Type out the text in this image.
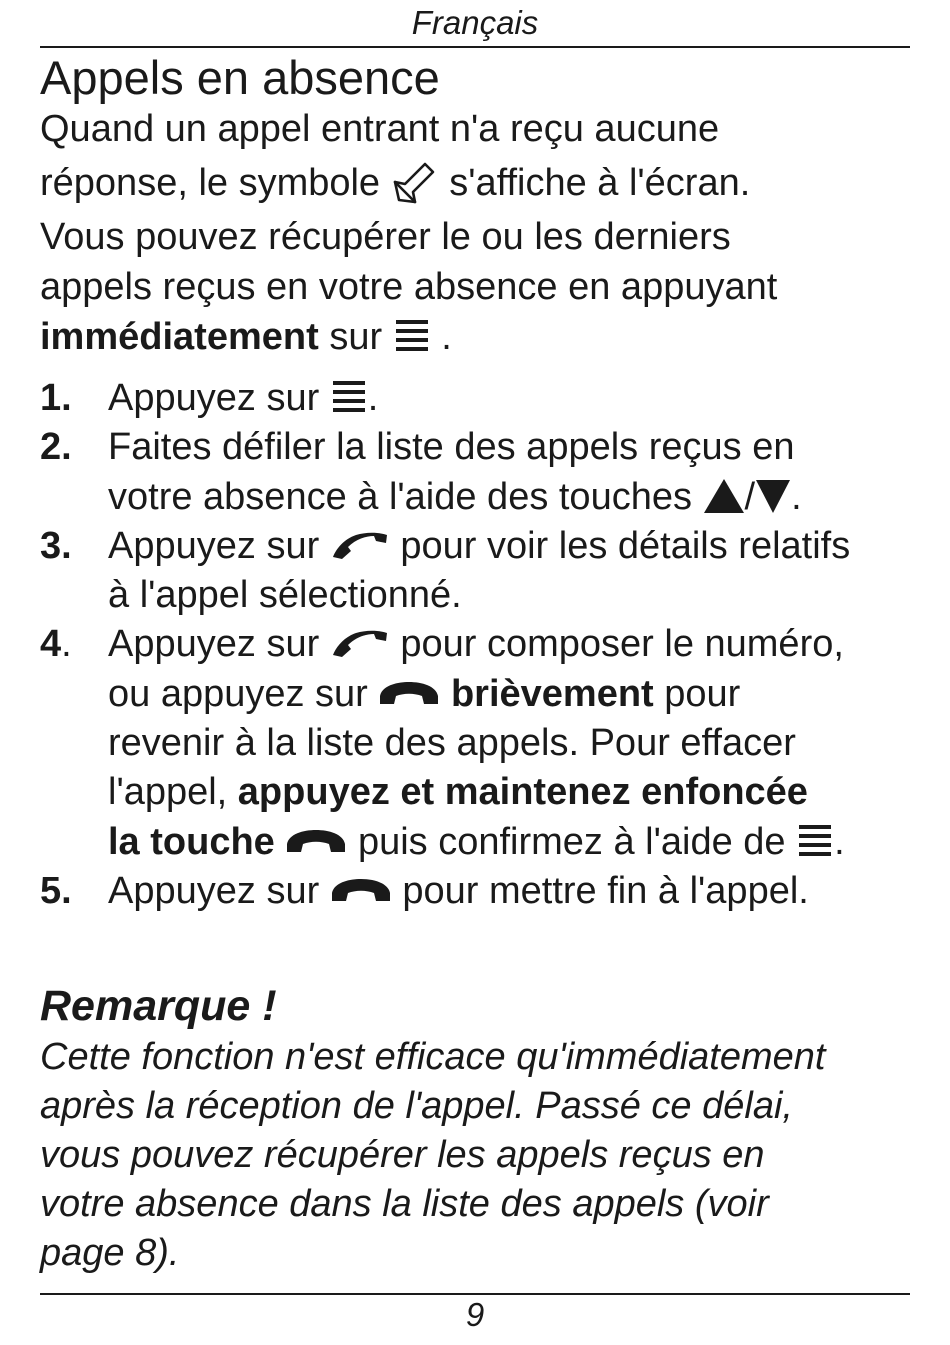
Français
Appels en absence

Quand un appel entrant n'a reçu aucune
réponse, le symbole s'affiche à l'écran.
Vous pouvez récupérer le ou les derniers
appels reçus en votre absence en appuyant
immédiatement sur .

1. Appuyez sur .
2. Faites défiler la liste des appels reçus en
votre absence à l'aide des touches / .
3. Appuyez sur pour voir les détails relatifs
à l'appel sélectionné.
4. Appuyez sur pour composer le numéro,
ou appuyez sur brièvement pour
revenir à la liste des appels. Pour effacer
l'appel, appuyez et maintenez enfoncée
la touche puis confirmez à l'aide de .
5. Appuyez sur pour mettre fin à l'appel.
Remarque !

Cette fonction n'est efficace qu'immédiatement
après la réception de l'appel. Passé ce délai,
vous pouvez récupérer les appels reçus en
votre absence dans la liste des appels (voir
page 8).

9
